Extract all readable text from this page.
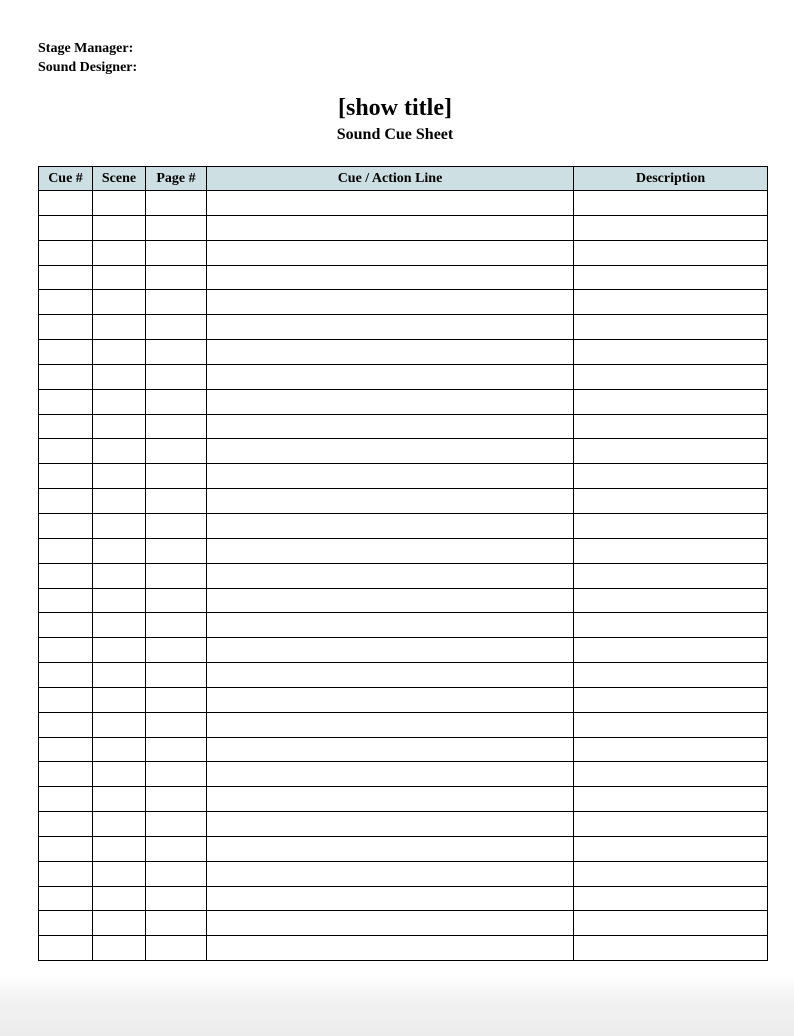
Stage Manager:
Sound Designer:
[show title]
Sound Cue Sheet
Cue #	Scene	Page #	Cue / Action Line	Description
